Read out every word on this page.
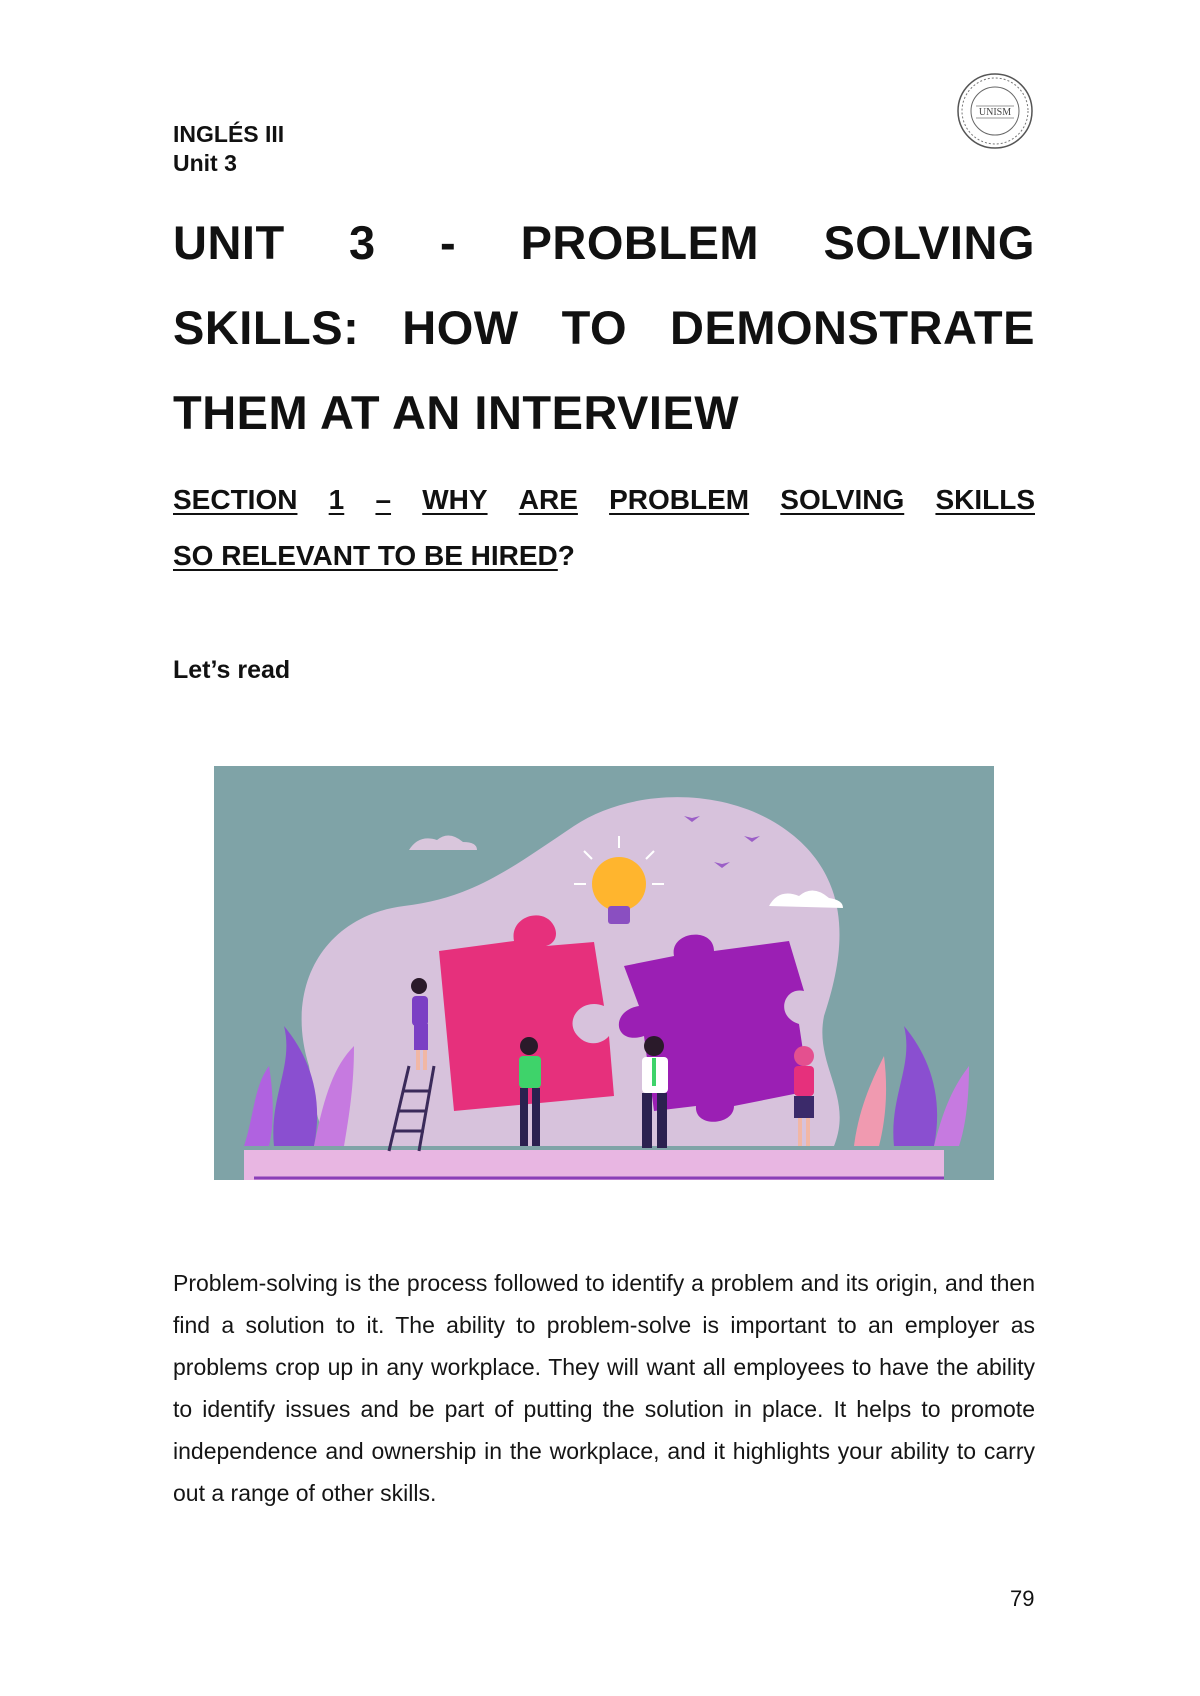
INGLÉS III
Unit 3
UNISM
UNIT 3 - PROBLEM SOLVING
SKILLS: HOW TO DEMONSTRATE
THEM AT AN INTERVIEW
SECTION 1 – WHY ARE PROBLEM SOLVING SKILLS
SO RELEVANT TO BE HIRED?
Let’s read
Problem-solving is the process followed to identify a problem and its origin, and then find a solution to it. The ability to problem-solve is important to an employer as problems crop up in any workplace. They will want all employees to have the ability to identify issues and be part of putting the solution in place. It helps to promote independence and ownership in the workplace, and it highlights your ability to carry out a range of other skills.
79
